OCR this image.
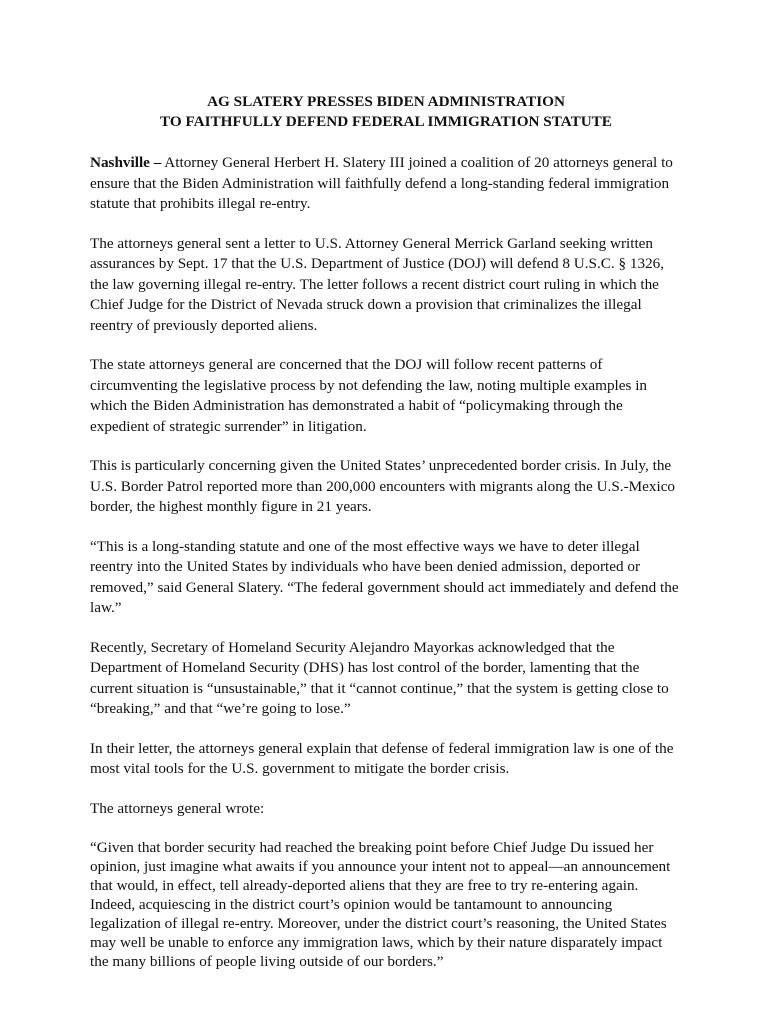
AG SLATERY PRESSES BIDEN ADMINISTRATION
TO FAITHFULLY DEFEND FEDERAL IMMIGRATION STATUTE

Nashville – Attorney General Herbert H. Slatery III joined a coalition of 20 attorneys general to ensure that the Biden Administration will faithfully defend a long-standing federal immigration statute that prohibits illegal re-entry.

The attorneys general sent a letter to U.S. Attorney General Merrick Garland seeking written assurances by Sept. 17 that the U.S. Department of Justice (DOJ) will defend 8 U.S.C. § 1326, the law governing illegal re-entry. The letter follows a recent district court ruling in which the Chief Judge for the District of Nevada struck down a provision that criminalizes the illegal reentry of previously deported aliens.

The state attorneys general are concerned that the DOJ will follow recent patterns of circumventing the legislative process by not defending the law, noting multiple examples in which the Biden Administration has demonstrated a habit of “policymaking through the expedient of strategic surrender” in litigation.

This is particularly concerning given the United States’ unprecedented border crisis. In July, the U.S. Border Patrol reported more than 200,000 encounters with migrants along the U.S.-Mexico border, the highest monthly figure in 21 years.

“This is a long-standing statute and one of the most effective ways we have to deter illegal reentry into the United States by individuals who have been denied admission, deported or removed,” said General Slatery. “The federal government should act immediately and defend the law.”

Recently, Secretary of Homeland Security Alejandro Mayorkas acknowledged that the Department of Homeland Security (DHS) has lost control of the border, lamenting that the current situation is “unsustainable,” that it “cannot continue,” that the system is getting close to “breaking,” and that “we’re going to lose.”

In their letter, the attorneys general explain that defense of federal immigration law is one of the most vital tools for the U.S. government to mitigate the border crisis.

The attorneys general wrote:

“Given that border security had reached the breaking point before Chief Judge Du issued her opinion, just imagine what awaits if you announce your intent not to appeal—an announcement that would, in effect, tell already-deported aliens that they are free to try re-entering again. Indeed, acquiescing in the district court’s opinion would be tantamount to announcing legalization of illegal re-entry. Moreover, under the district court’s reasoning, the United States may well be unable to enforce any immigration laws, which by their nature disparately impact the many billions of people living outside of our borders.”
